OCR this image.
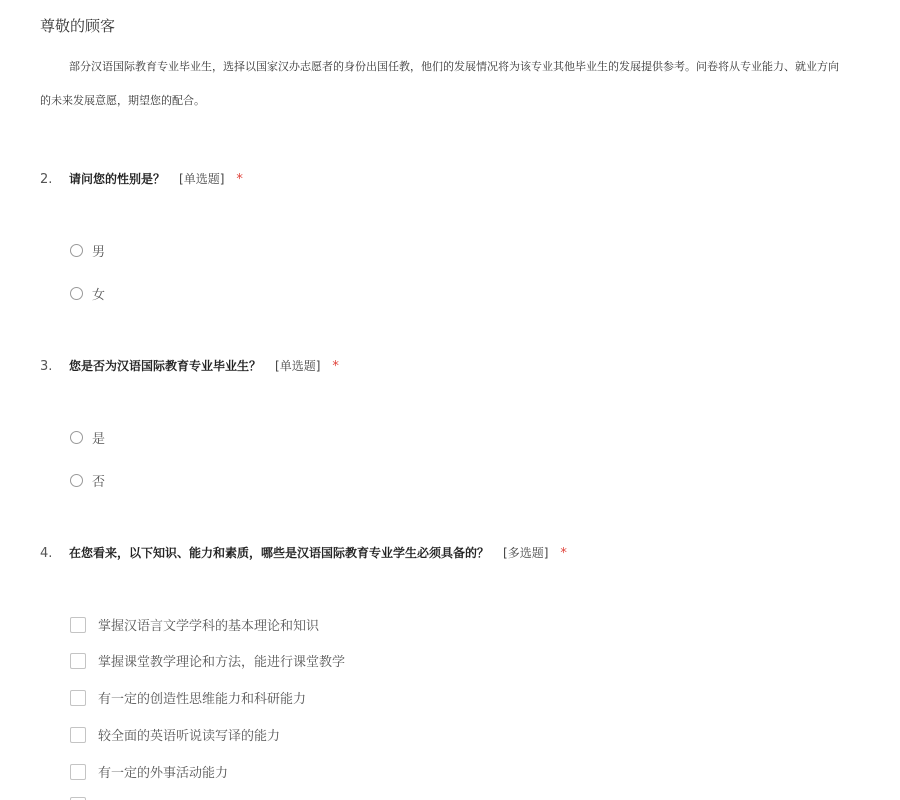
尊敬的顾客
部分汉语国际教育专业毕业生，选择以国家汉办志愿者的身份出国任教，他们的发展情况将为该专业其他毕业生的发展提供参考。问卷将从专业能力、就业方向
的未来发展意愿，期望您的配合。
2.	请问您的性别是？ [单选题] *
男
女
3.	您是否为汉语国际教育专业毕业生？ [单选题] *
是
否
4.	在您看来，以下知识、能力和素质，哪些是汉语国际教育专业学生必须具备的？ [多选题] *
掌握汉语言文学学科的基本理论和知识
掌握课堂教学理论和方法，能进行课堂教学
有一定的创造性思维能力和科研能力
较全面的英语听说读写译的能力
有一定的外事活动能力
